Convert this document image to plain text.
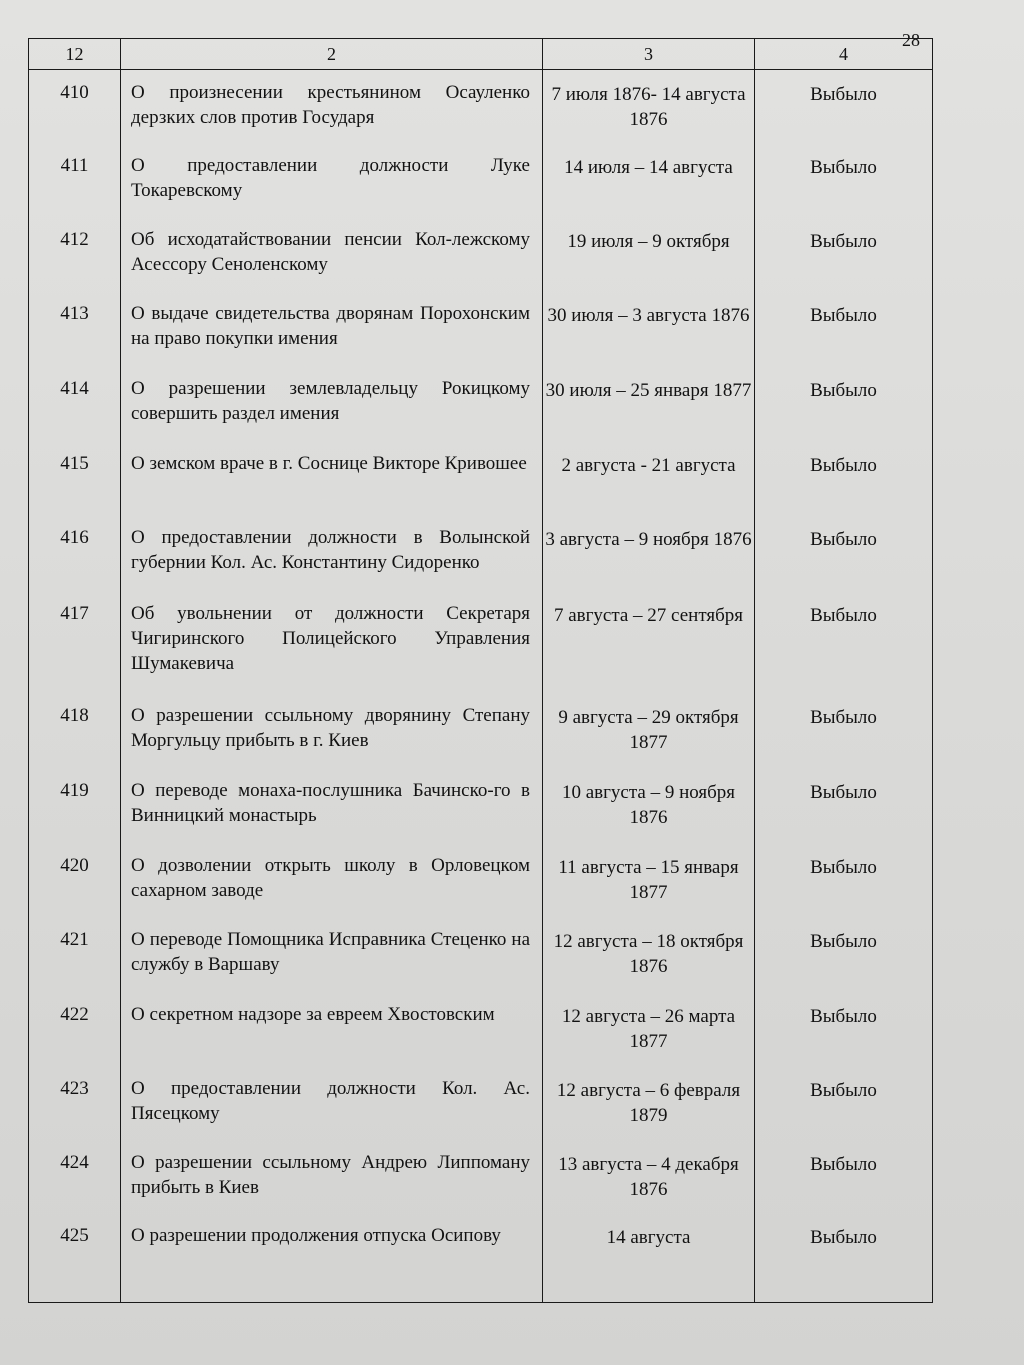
28
12	2	3	4
410	О произнесении крестьянином Осауленко дерзких слов против Государя	7 июля 1876- 14 августа 1876	Выбыло
411	О предоставлении должности Луке Токаревскому	14 июля – 14 августа	Выбыло
412	Об исходатайствовании пенсии Кол-лежскому Асессору Сеноленскому	19 июля – 9 октября	Выбыло
413	О выдаче свидетельства дворянам Порохонским на право покупки имения	30 июля – 3 августа 1876	Выбыло
414	О разрешении землевладельцу Рокицкому совершить раздел имения	30 июля – 25 января 1877	Выбыло
415	О земском враче в г. Соснице Викторе Кривошее	2 августа - 21 августа	Выбыло
416	О предоставлении должности в Волынской губернии Кол. Ас. Константину Сидоренко	3 августа – 9 ноября 1876	Выбыло
417	Об увольнении от должности Секретаря Чигиринского Полицейского Управления Шумакевича	7 августа – 27 сентября	Выбыло
418	О разрешении ссыльному дворянину Степану Моргульцу прибыть в г. Киев	9 августа – 29 октября 1877	Выбыло
419	О переводе монаха-послушника Бачинско-го в Винницкий монастырь	10 августа – 9 ноября 1876	Выбыло
420	О дозволении открыть школу в Орловецком сахарном заводе	11 августа – 15 января 1877	Выбыло
421	О переводе Помощника Исправника Стеценко на службу в Варшаву	12 августа – 18 октября 1876	Выбыло
422	О секретном надзоре за евреем Хвостовским	12 августа – 26 марта 1877	Выбыло
423	О предоставлении должности Кол. Ас. Пясецкому	12 августа – 6 февраля 1879	Выбыло
424	О разрешении ссыльному Андрею Липпоману прибыть в Киев	13 августа – 4 декабря 1876	Выбыло
425	О разрешении продолжения отпуска Осипову	14 августа	Выбыло
